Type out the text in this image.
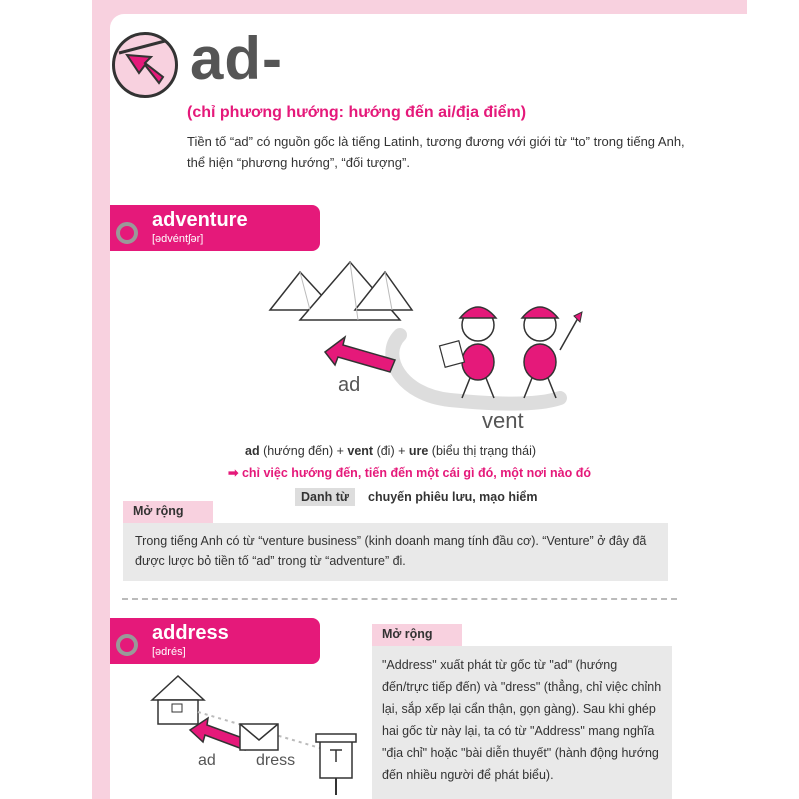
ad-
(chỉ phương hướng: hướng đến ai/địa điểm)
Tiền tố “ad” có nguồn gốc là tiếng Latinh, tương đương với giới từ “to” trong tiếng Anh, thể hiện “phương hướng”, “đối tượng”.
adventure
[ədvéntʃər]
ad
vent
ad (hướng đến) + vent (đi) + ure (biểu thị trạng thái)
➡ chỉ việc hướng đến, tiến đến một cái gì đó, một nơi nào đó
Danh từ	chuyến phiêu lưu, mạo hiểm
Mở rộng
Trong tiếng Anh có từ “venture business” (kinh doanh mang tính đầu cơ). “Venture” ở đây đã được lược bỏ tiền tố “ad” trong từ “adventure” đi.
address
[ədrés]
ad	dress
Mở rộng
"Address" xuất phát từ gốc từ "ad" (hướng đến/trực tiếp đến) và "dress" (thẳng, chỉ việc chỉnh lại, sắp xếp lại cẩn thận, gọn gàng). Sau khi ghép hai gốc từ này lại, ta có từ "Address" mang nghĩa "địa chỉ" hoặc "bài diễn thuyết" (hành động hướng đến nhiều người để phát biểu).
